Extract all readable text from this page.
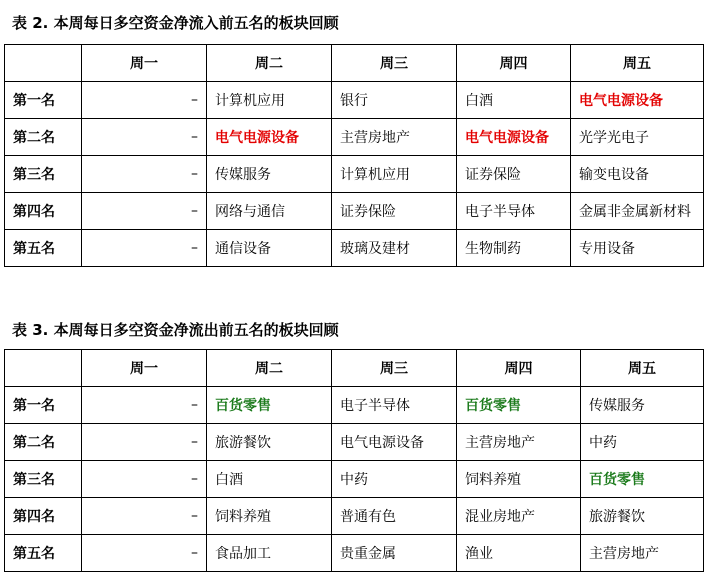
表 2. 本周每日多空资金净流入前五名的板块回顾
	周一	周二	周三	周四	周五
第一名	–	计算机应用	银行	白酒	电气电源设备
第二名	–	电气电源设备	主营房地产	电气电源设备	光学光电子
第三名	–	传媒服务	计算机应用	证券保险	输变电设备
第四名	–	网络与通信	证券保险	电子半导体	金属非金属新材料
第五名	–	通信设备	玻璃及建材	生物制药	专用设备
表 3. 本周每日多空资金净流出前五名的板块回顾
	周一	周二	周三	周四	周五
第一名	–	百货零售	电子半导体	百货零售	传媒服务
第二名	–	旅游餐饮	电气电源设备	主营房地产	中药
第三名	–	白酒	中药	饲料养殖	百货零售
第四名	–	饲料养殖	普通有色	混业房地产	旅游餐饮
第五名	–	食品加工	贵重金属	渔业	主营房地产
